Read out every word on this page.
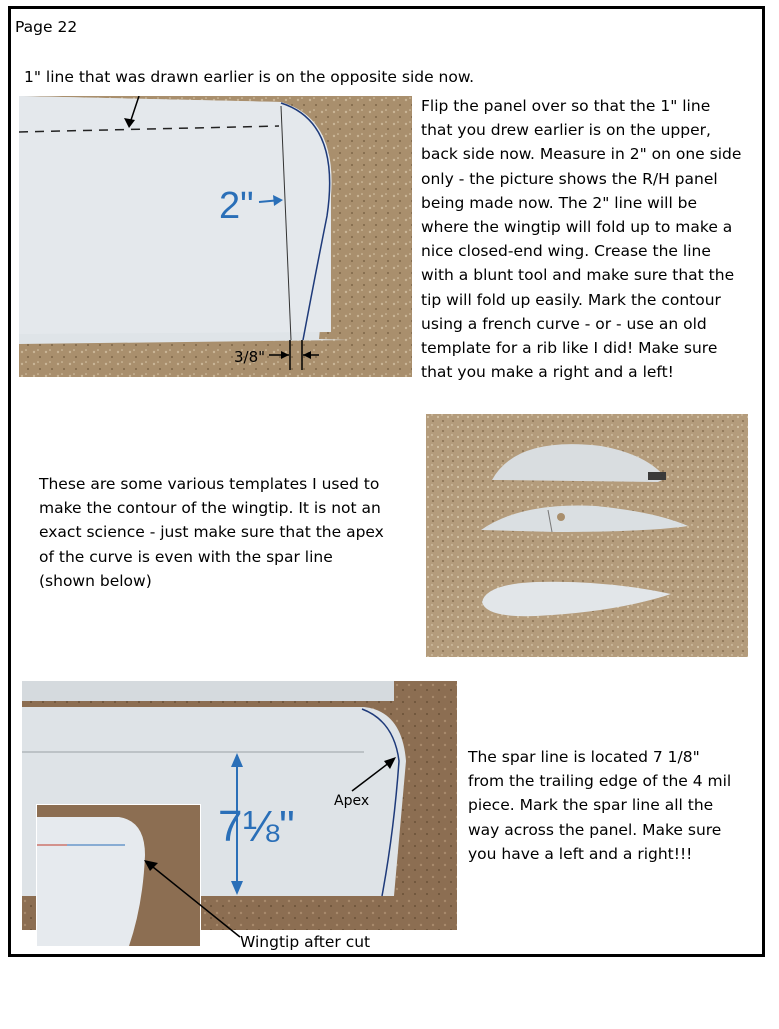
Page 22
1" line that was drawn earlier is on the opposite side now.
2"
3/8"
Flip the panel over so that the 1" line
that you drew earlier is on the upper,
back side now. Measure in 2" on one side
only - the picture shows the R/H panel
being made now. The 2" line will be
where the wingtip will fold up to make a
nice closed-end wing. Crease the line
with a blunt tool and make sure that the
tip will fold up easily. Mark the contour
using a french curve - or - use an old
template for a rib like I did! Make sure
that you make a right and a left!
These are some various templates I used to
make the contour of the wingtip. It is not an
exact science - just make sure that the apex
of the curve is even with the spar line
(shown below)
7⅛"
Apex
Wingtip after cut
The spar line is located 7 1/8"
from the trailing edge of the 4 mil
piece. Mark the spar line all the
way across the panel. Make sure
you have a left and a right!!!
